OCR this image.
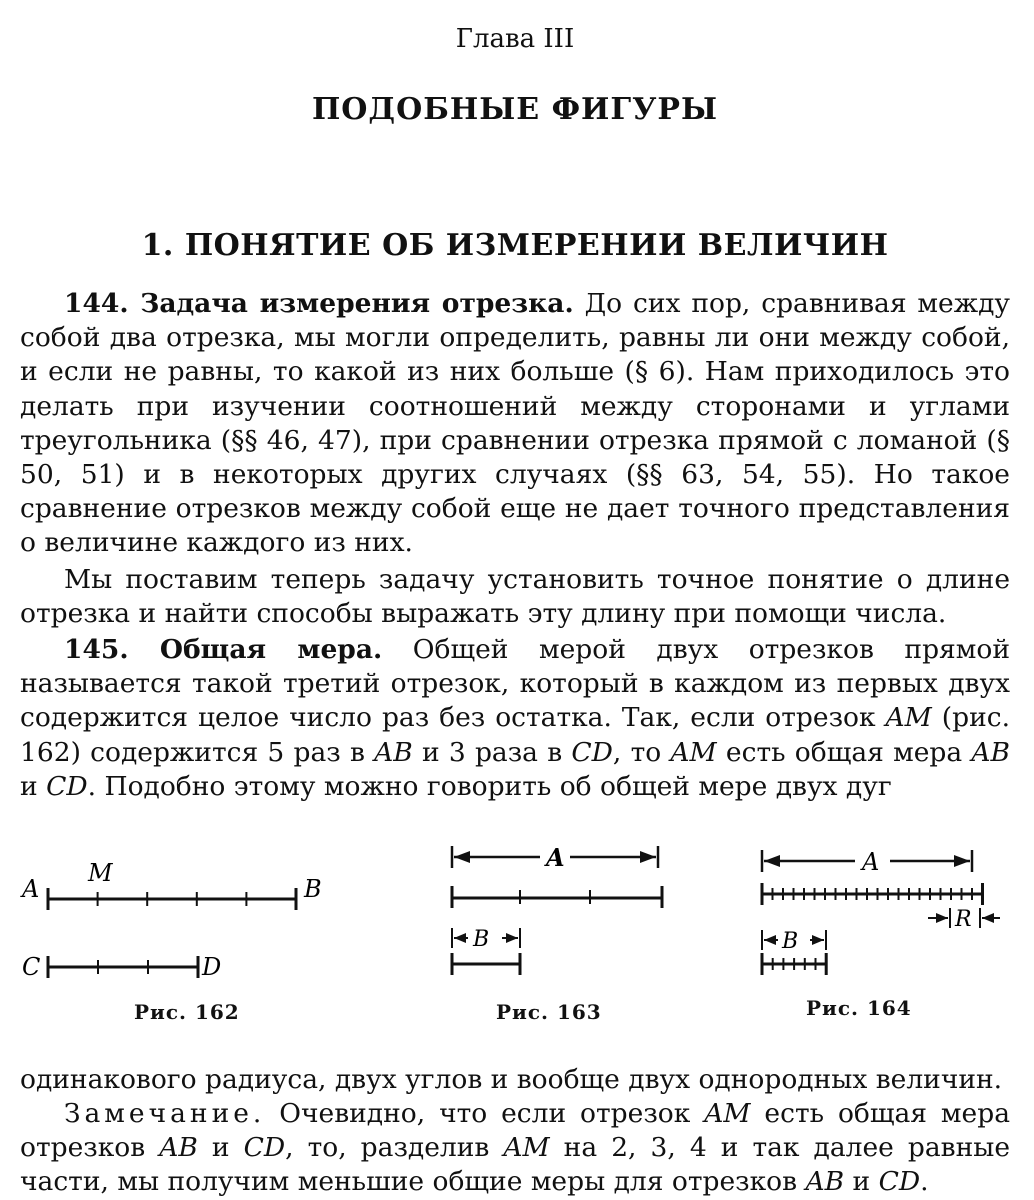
Глава III
ПОДОБНЫЕ ФИГУРЫ
1. ПОНЯТИЕ ОБ ИЗМЕРЕНИИ ВЕЛИЧИН

144. Задача измерения отрезка. До сих пор, сравнивая между собой два отрезка, мы могли определить, равны ли они между собой, и если не равны, то какой из них больше (§ 6). Нам приходилось это делать при изучении соотношений между сторонами и углами треугольника (§§ 46, 47), при сравнении отрезка прямой с ломаной (§ 50, 51) и в некоторых других случаях (§§ 63, 54, 55). Но такое сравнение отрезков между собой еще не дает точного представления о величине каждого из них.

Мы поставим теперь задачу установить точное понятие о длине отрезка и найти способы выражать эту длину при помощи числа.

145. Общая мера. Общей мерой двух отрезков прямой называется такой третий отрезок, который в каждом из первых двух содержится целое число раз без остатка. Так, если отрезок AM (рис. 162) содержится 5 раз в AB и 3 раза в CD, то AM есть общая мера AB и CD. Подобно этому можно говорить об общей мере двух дуг

A
M
B
C	D
Рис. 162
A
B
Рис. 163
A
R
B
Рис. 164

одинакового радиуса, двух углов и вообще двух однородных величин.

Замечание. Очевидно, что если отрезок AM есть общая мера отрезков AB и CD, то, разделив AM на 2, 3, 4 и так далее равные части, мы получим меньшие общие меры для отрезков AB и CD.
